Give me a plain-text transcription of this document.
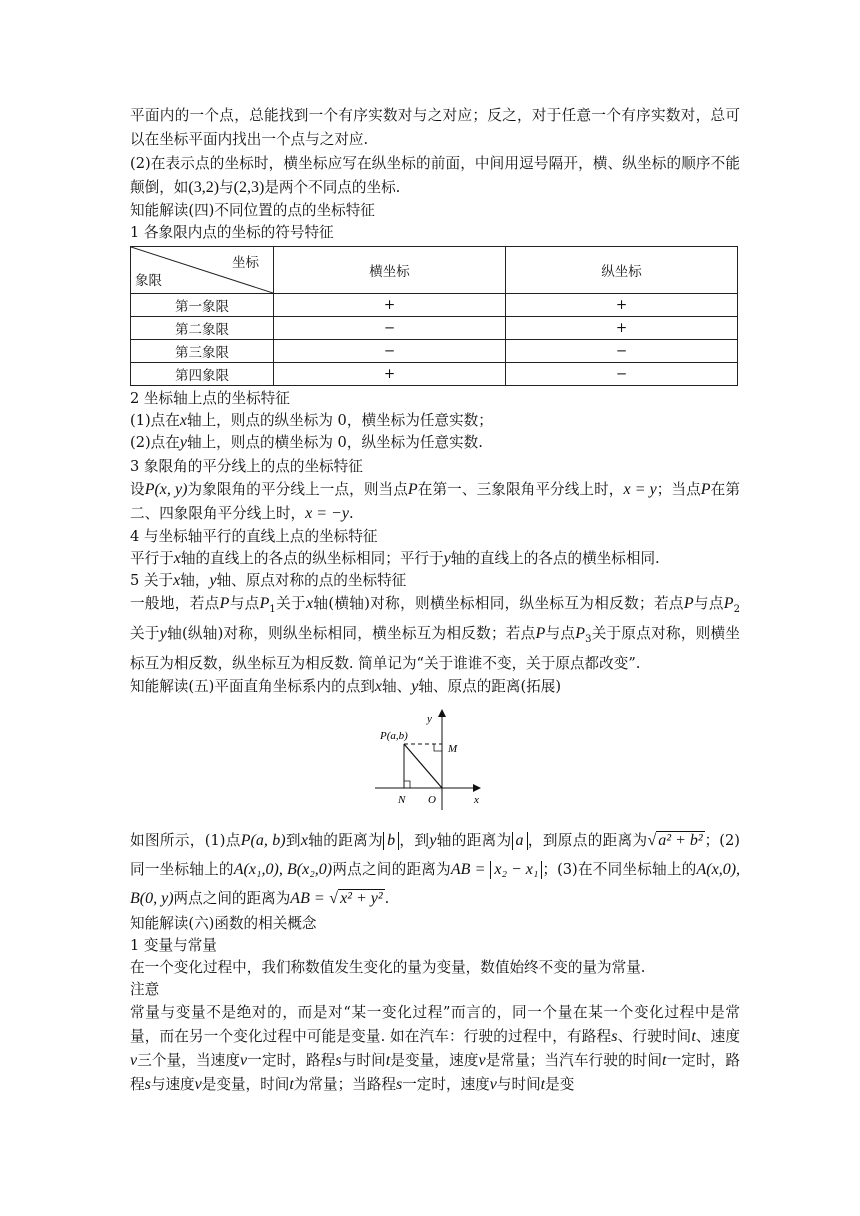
平面内的一个点，总能找到一个有序实数对与之对应；反之，对于任意一个有序实数对，总可以在坐标平面内找出一个点与之对应.

(2)在表示点的坐标时，横坐标应写在纵坐标的前面，中间用逗号隔开，横、纵坐标的顺序不能颠倒，如(3,2)与(2,3)是两个不同点的坐标.

知能解读(四)不同位置的点的坐标特征

1 各象限内点的坐标的符号特征

坐标
象限	横坐标	纵坐标
第一象限	+	+
第二象限	−	+
第三象限	−	−
第四象限	+	−

2 坐标轴上点的坐标特征

(1)点在x轴上，则点的纵坐标为 0，横坐标为任意实数；

(2)点在y轴上，则点的横坐标为 0，纵坐标为任意实数.

3 象限角的平分线上的点的坐标特征

设P(x, y)为象限角的平分线上一点，则当点P在第一、三象限角平分线上时，x = y；当点P在第二、四象限角平分线上时，x = −y.

4 与坐标轴平行的直线上点的坐标特征

平行于x轴的直线上的各点的纵坐标相同；平行于y轴的直线上的各点的横坐标相同.

5 关于x轴，y轴、原点对称的点的坐标特征

一般地，若点P与点$P_1$关于x轴(横轴)对称，则横坐标相同，纵坐标互为相反数；若点P与点$P_2$关于y轴(纵轴)对称，则纵坐标相同，横坐标互为相反数；若点P与点$P_3$关于原点对称，则横坐标互为相反数，纵坐标互为相反数. 简单记为“关于谁谁不变，关于原点都改变”.

知能解读(五)平面直角坐标系内的点到x轴、y轴、原点的距离(拓展)

P(a,b)
y
M
N O	x

如图所示，(1)点P(a, b)到x轴的距离为 b ，到y轴的距离为 a ，到原点的距离为√ a² + b² ；(2)同一坐标轴上的A(x₁,0), B(x₂,0)两点之间的距离为AB = x₂ − x₁ ；(3)在不同坐标轴上的A(x,0), B(0, y)两点之间的距离为AB = √ x² + y² .

知能解读(六)函数的相关概念

1 变量与常量

在一个变化过程中，我们称数值发生变化的量为变量，数值始终不变的量为常量.

注意

常量与变量不是绝对的，而是对“某一变化过程”而言的，同一个量在某一个变化过程中是常量，而在另一个变化过程中可能是变量. 如在汽车：行驶的过程中，有路程s、行驶时间t、速度v三个量，当速度v一定时，路程s与时间t是变量，速度v是常量；当汽车行驶的时间t一定时，路程s与速度v是变量，时间t为常量；当路程s一定时，速度v与时间t是变
